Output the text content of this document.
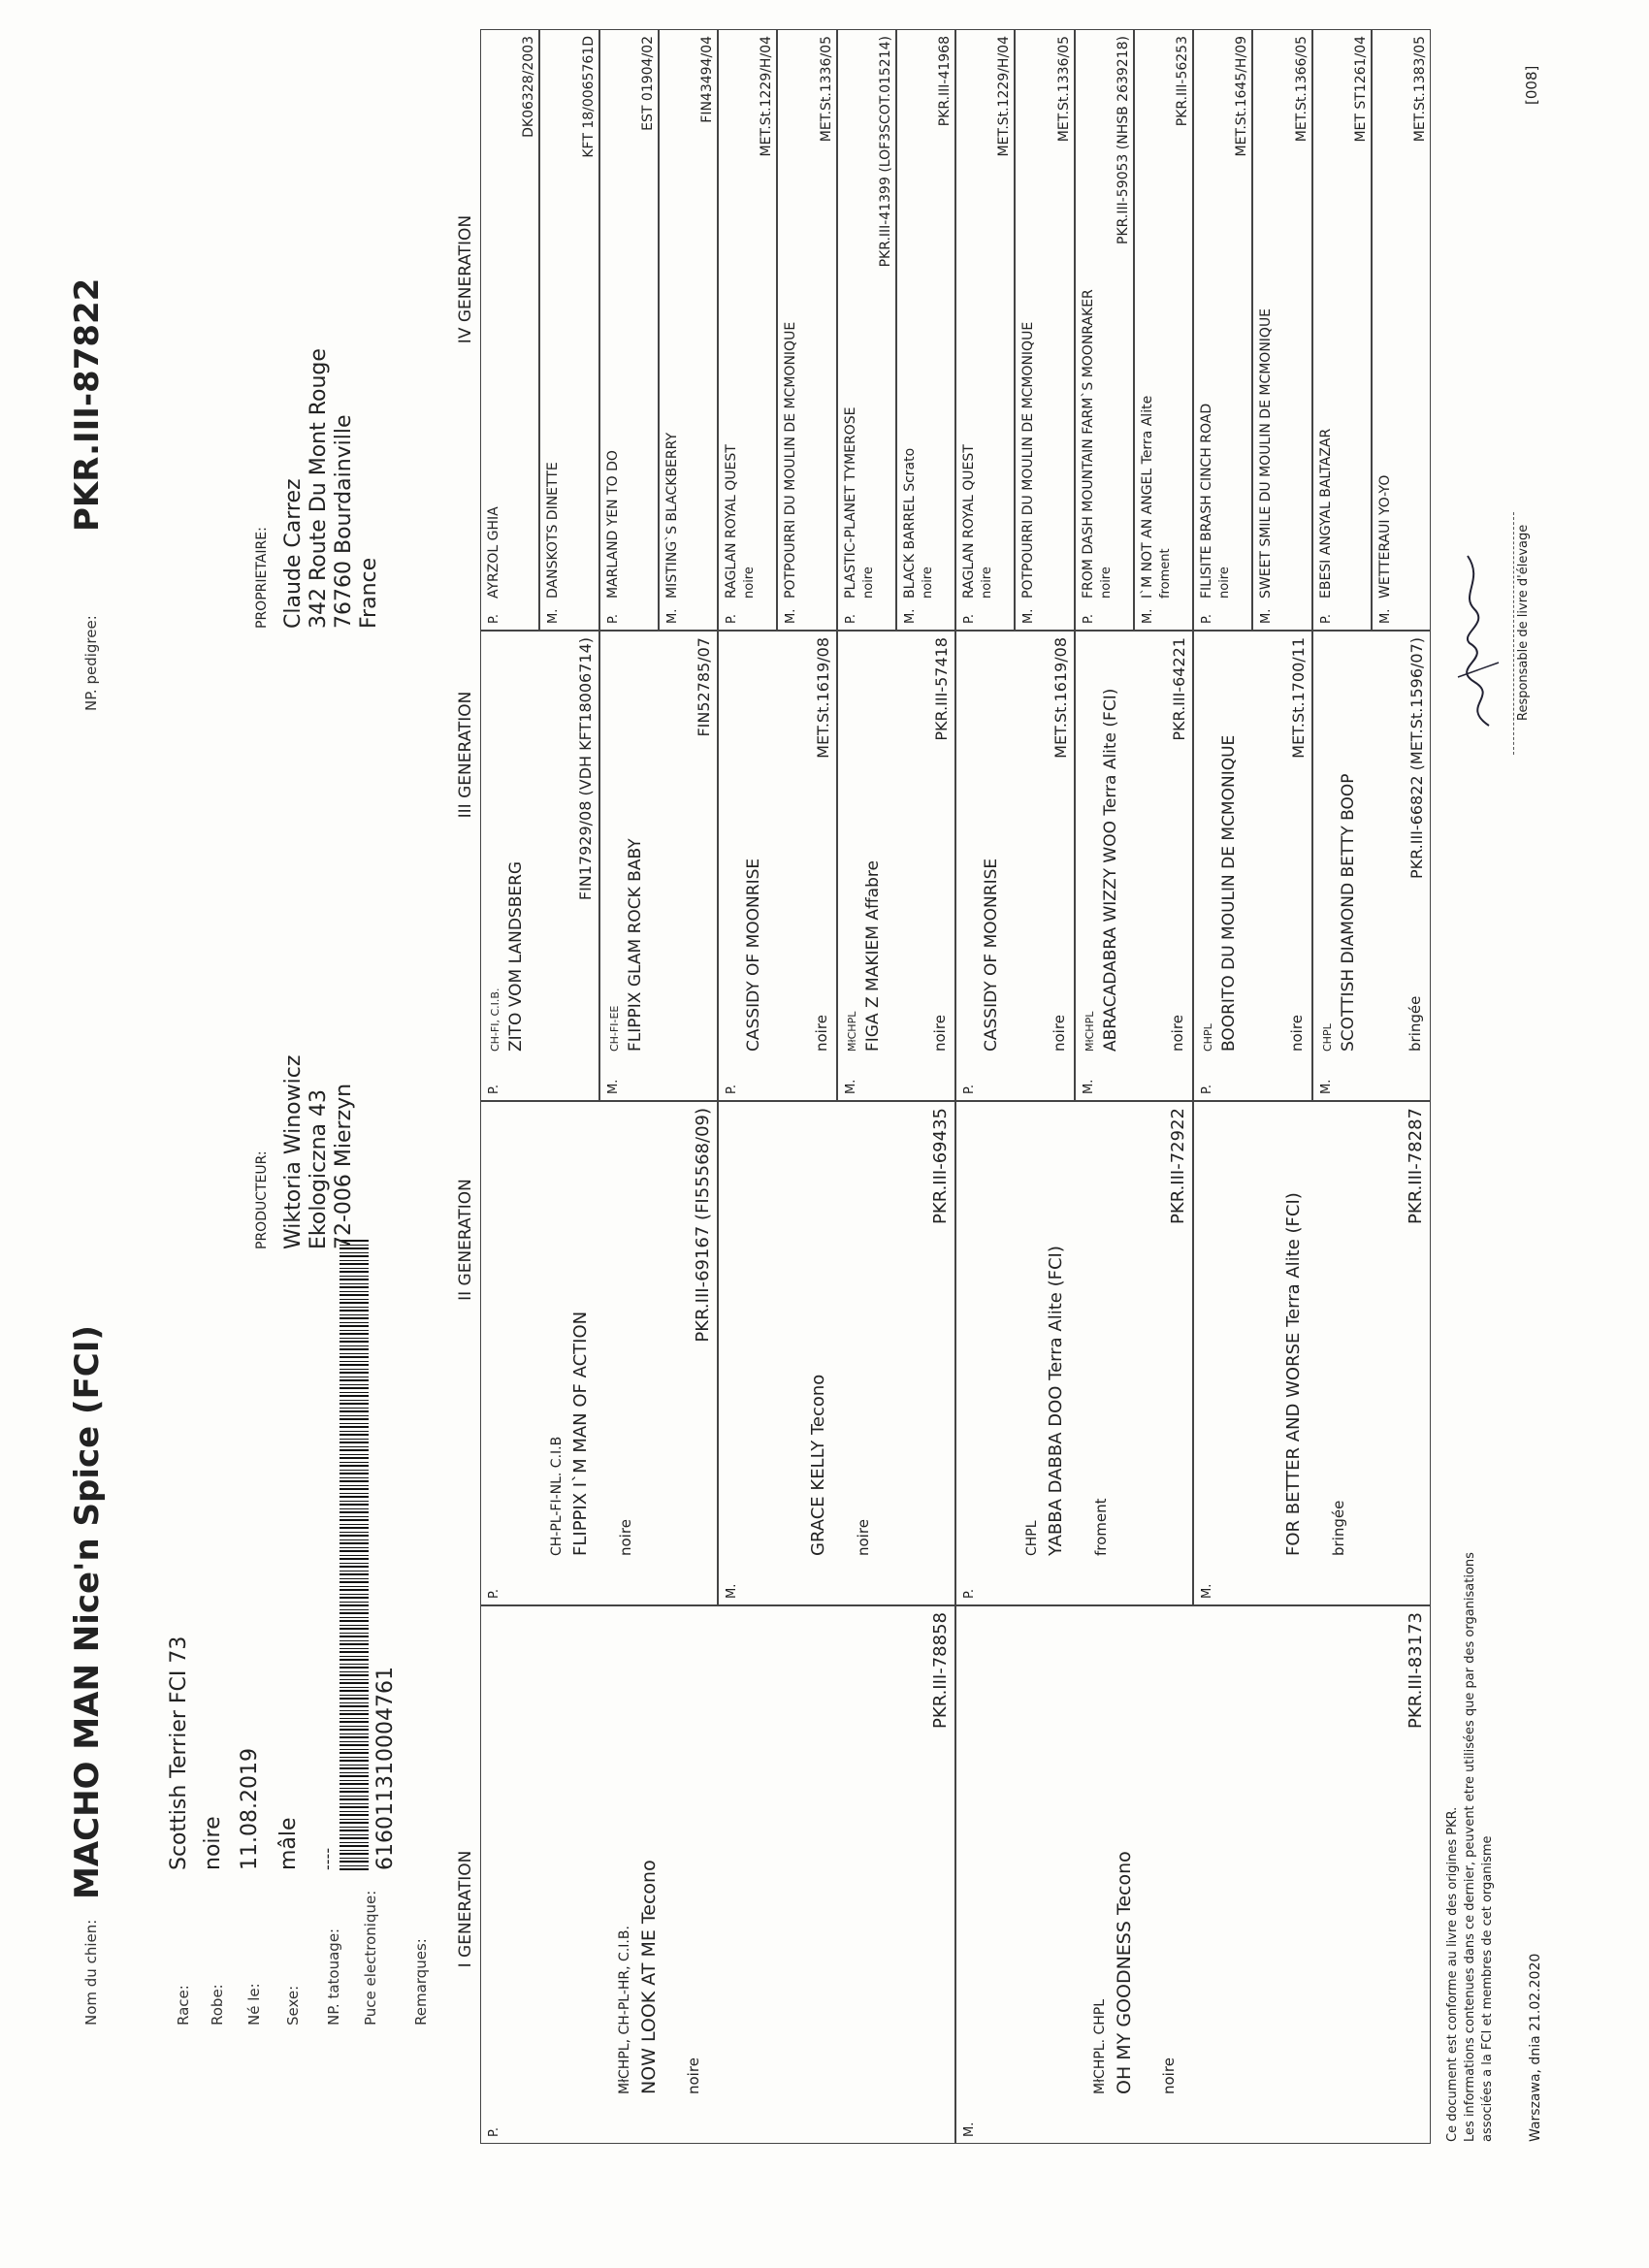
Nom du chien:
MACHO MAN Nice'n Spice (FCI)
NP. pedigree:
PKR.III-87822
Race:
Scottish Terrier FCI 73
Robe:
noire
Né le:
11.08.2019
Sexe:
mâle
NP. tatouage:
----
Puce electronique:
616011310004761
Remarques:
PRODUCTEUR: Wiktoria Winowicz Ekologiczna 43 72-006 Mierzyn
PROPRIETAIRE: Claude Carrez 342 Route Du Mont Rouge 76760 Bourdainville France
I GENERATION
II GENERATION
III GENERATION
IV GENERATION
P.
MłCHPL, CH-PL-HR, C.I.B. NOW LOOK AT ME Tecono noire
PKR.III-78858
M.
MłCHPL. CHPL OH MY GOODNESS Tecono noire
PKR.III-83173
P.
CH-PL-FI-NL. C.I.B FLIPPIX I`M MAN OF ACTION noire
PKR.III-69167 (FI55568/09)
M.
GRACE KELLY Tecono noire
PKR.III-69435
P.
CHPL YABBA DABBA DOO Terra Alite (FCI) froment
PKR.III-72922
M.
FOR BETTER AND WORSE Terra Alite (FCI) bringée
PKR.III-78287
P.
CH-FI, C.I.B. ZITO VOM LANDSBERG
FIN17929/08 (VDH KFT18006714)
M.
CH-FI-EE FLIPPIX GLAM ROCK BABY
FIN52785/07
P.
CASSIDY OF MOONRISE	noire
MET.St.1619/08
M.
MłCHPL FIGA Z MAKIEM Affabre	noire
PKR.III-57418
P.
CASSIDY OF MOONRISE	noire
MET.St.1619/08
M.
MłCHPL ABRACADABRA WIZZY WOO Terra Alite (FCI)	noire
PKR.III-64221
P.
CHPL BOORITO DU MOULIN DE MCMONIQUE	noire
MET.St.1700/11
M.
CHPL SCOTTISH DIAMOND BETTY BOOP	bringée
PKR.III-66822 (MET.St.1596/07)
P.
AYRZOL GHIA
DK06328/2003
M.
DANSKOTS DINETTE
KFT 18/0065761D
P.
MARLAND YEN TO DO
EST 01904/02
M.
MISTING`S BLACKBERRY
FIN43494/04
P.
RAGLAN ROYAL QUEST noire
MET.St.1229/H/04
M.
POTPOURRI DU MOULIN DE MCMONIQUE
MET.St.1336/05
P.
PLASTIC-PLANET TYMEROSE noire
PKR.III-41399 (LOF3SCOT.015214)
M.
BLACK BARREL Scrato noire
PKR.III-41968
P.
RAGLAN ROYAL QUEST noire
MET.St.1229/H/04
M.
POTPOURRI DU MOULIN DE MCMONIQUE
MET.St.1336/05
P.
FROM DASH MOUNTAIN FARM`S MOONRAKER noire
PKR.III-59053 (NHSB 2639218)
M.
I`M NOT AN ANGEL Terra Alite froment
PKR.III-56253
P.
FILISITE BRASH CINCH ROAD noire
MET.St.1645/H/09
M.
SWEET SMILE DU MOULIN DE MCMONIQUE
MET.St.1366/05
P.
EBESI ANGYAL BALTAZAR
MET ST1261/04
M.
WETTERAUI YO-YO
MET.St.1383/05
Ce document est conforme au livre des origines PKR. Les informations contenues dans ce dernier, peuvent etre utilisées que par des organisations associées a la FCI et membres de cet organisme Warszawa, dnia 21.02.2020
Responsable de livre d'élevage
[008]
